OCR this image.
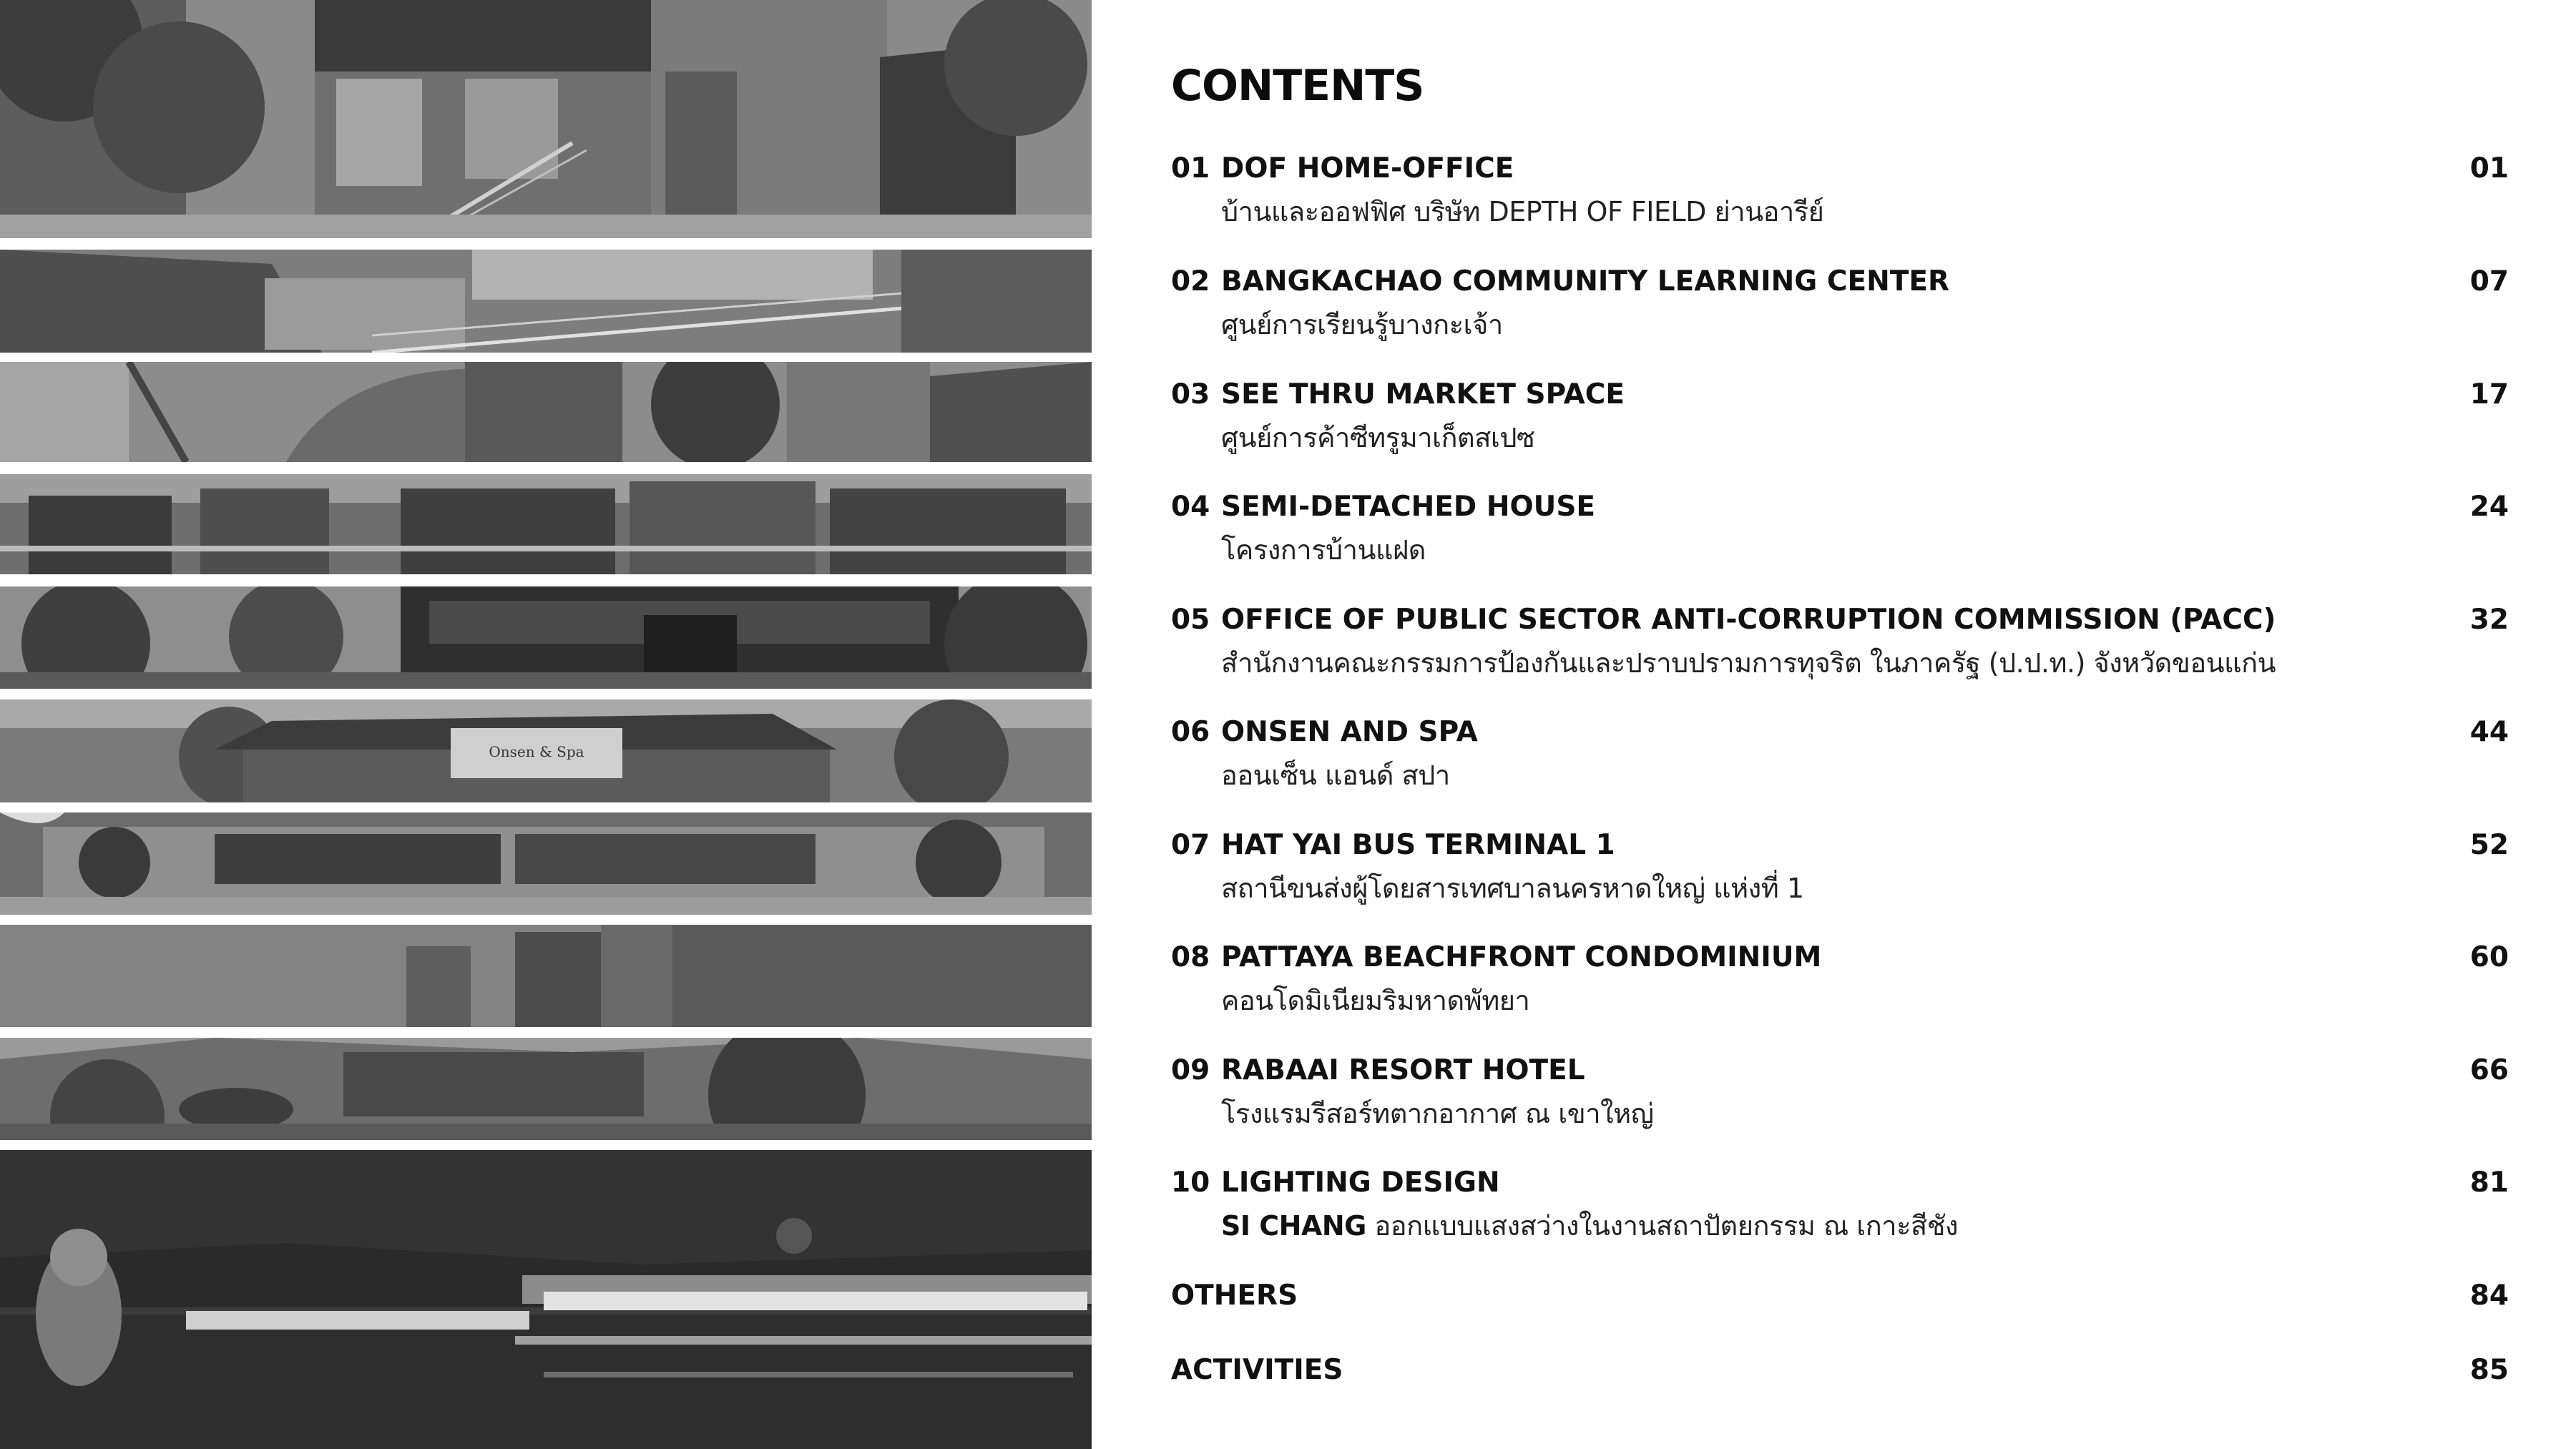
Onsen & Spa
CONTENTS
01 DOF HOME-OFFICE	01
บ้านและออฟฟิศ บริษัท DEPTH OF FIELD ย่านอารีย์
02 BANGKACHAO COMMUNITY LEARNING CENTER	07
ศูนย์การเรียนรู้บางกะเจ้า
03 SEE THRU MARKET SPACE	17
ศูนย์การค้าซีทรูมาเก็ตสเปซ
04 SEMI-DETACHED HOUSE	24
โครงการบ้านแฝด
05 OFFICE OF PUBLIC SECTOR ANTI-CORRUPTION COMMISSION (PACC)	32
สำนักงานคณะกรรมการป้องกันและปราบปรามการทุจริต ในภาครัฐ (ป.ป.ท.) จังหวัดขอนแก่น
06 ONSEN AND SPA	44
ออนเซ็น แอนด์ สปา
07 HAT YAI BUS TERMINAL 1	52
สถานีขนส่งผู้โดยสารเทศบาลนครหาดใหญ่ แห่งที่ 1
08 PATTAYA BEACHFRONT CONDOMINIUM	60
คอนโดมิเนียมริมหาดพัทยา
09 RABAAI RESORT HOTEL	66
โรงแรมรีสอร์ทตากอากาศ ณ เขาใหญ่
10 LIGHTING DESIGN	81
SI CHANG ออกแบบแสงสว่างในงานสถาปัตยกรรม ณ เกาะสีชัง
OTHERS	84
ACTIVITIES	85
